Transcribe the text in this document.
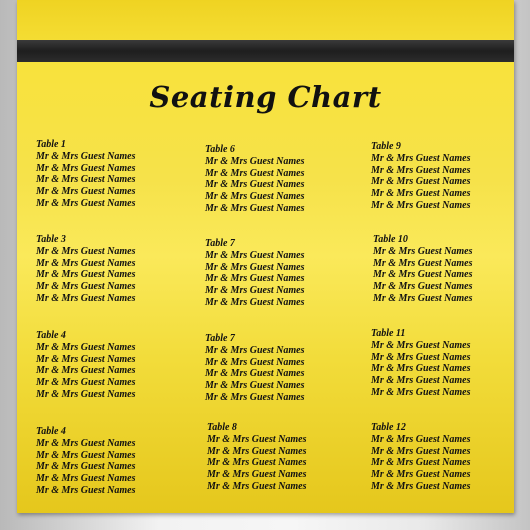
Seating Chart
Table 1
Mr & Mrs Guest Names
Mr & Mrs Guest Names
Mr & Mrs Guest Names
Mr & Mrs Guest Names
Mr & Mrs Guest Names
Table 6
Mr & Mrs Guest Names
Mr & Mrs Guest Names
Mr & Mrs Guest Names
Mr & Mrs Guest Names
Mr & Mrs Guest Names
Table 9
Mr & Mrs Guest Names
Mr & Mrs Guest Names
Mr & Mrs Guest Names
Mr & Mrs Guest Names
Mr & Mrs Guest Names
Table 3
Mr & Mrs Guest Names
Mr & Mrs Guest Names
Mr & Mrs Guest Names
Mr & Mrs Guest Names
Mr & Mrs Guest Names
Table 7
Mr & Mrs Guest Names
Mr & Mrs Guest Names
Mr & Mrs Guest Names
Mr & Mrs Guest Names
Mr & Mrs Guest Names
Table 10
Mr & Mrs Guest Names
Mr & Mrs Guest Names
Mr & Mrs Guest Names
Mr & Mrs Guest Names
Mr & Mrs Guest Names
Table 4
Mr & Mrs Guest Names
Mr & Mrs Guest Names
Mr & Mrs Guest Names
Mr & Mrs Guest Names
Mr & Mrs Guest Names
Table 7
Mr & Mrs Guest Names
Mr & Mrs Guest Names
Mr & Mrs Guest Names
Mr & Mrs Guest Names
Mr & Mrs Guest Names
Table 11
Mr & Mrs Guest Names
Mr & Mrs Guest Names
Mr & Mrs Guest Names
Mr & Mrs Guest Names
Mr & Mrs Guest Names
Table 4
Mr & Mrs Guest Names
Mr & Mrs Guest Names
Mr & Mrs Guest Names
Mr & Mrs Guest Names
Mr & Mrs Guest Names
Table 8
Mr & Mrs Guest Names
Mr & Mrs Guest Names
Mr & Mrs Guest Names
Mr & Mrs Guest Names
Mr & Mrs Guest Names
Table 12
Mr & Mrs Guest Names
Mr & Mrs Guest Names
Mr & Mrs Guest Names
Mr & Mrs Guest Names
Mr & Mrs Guest Names
